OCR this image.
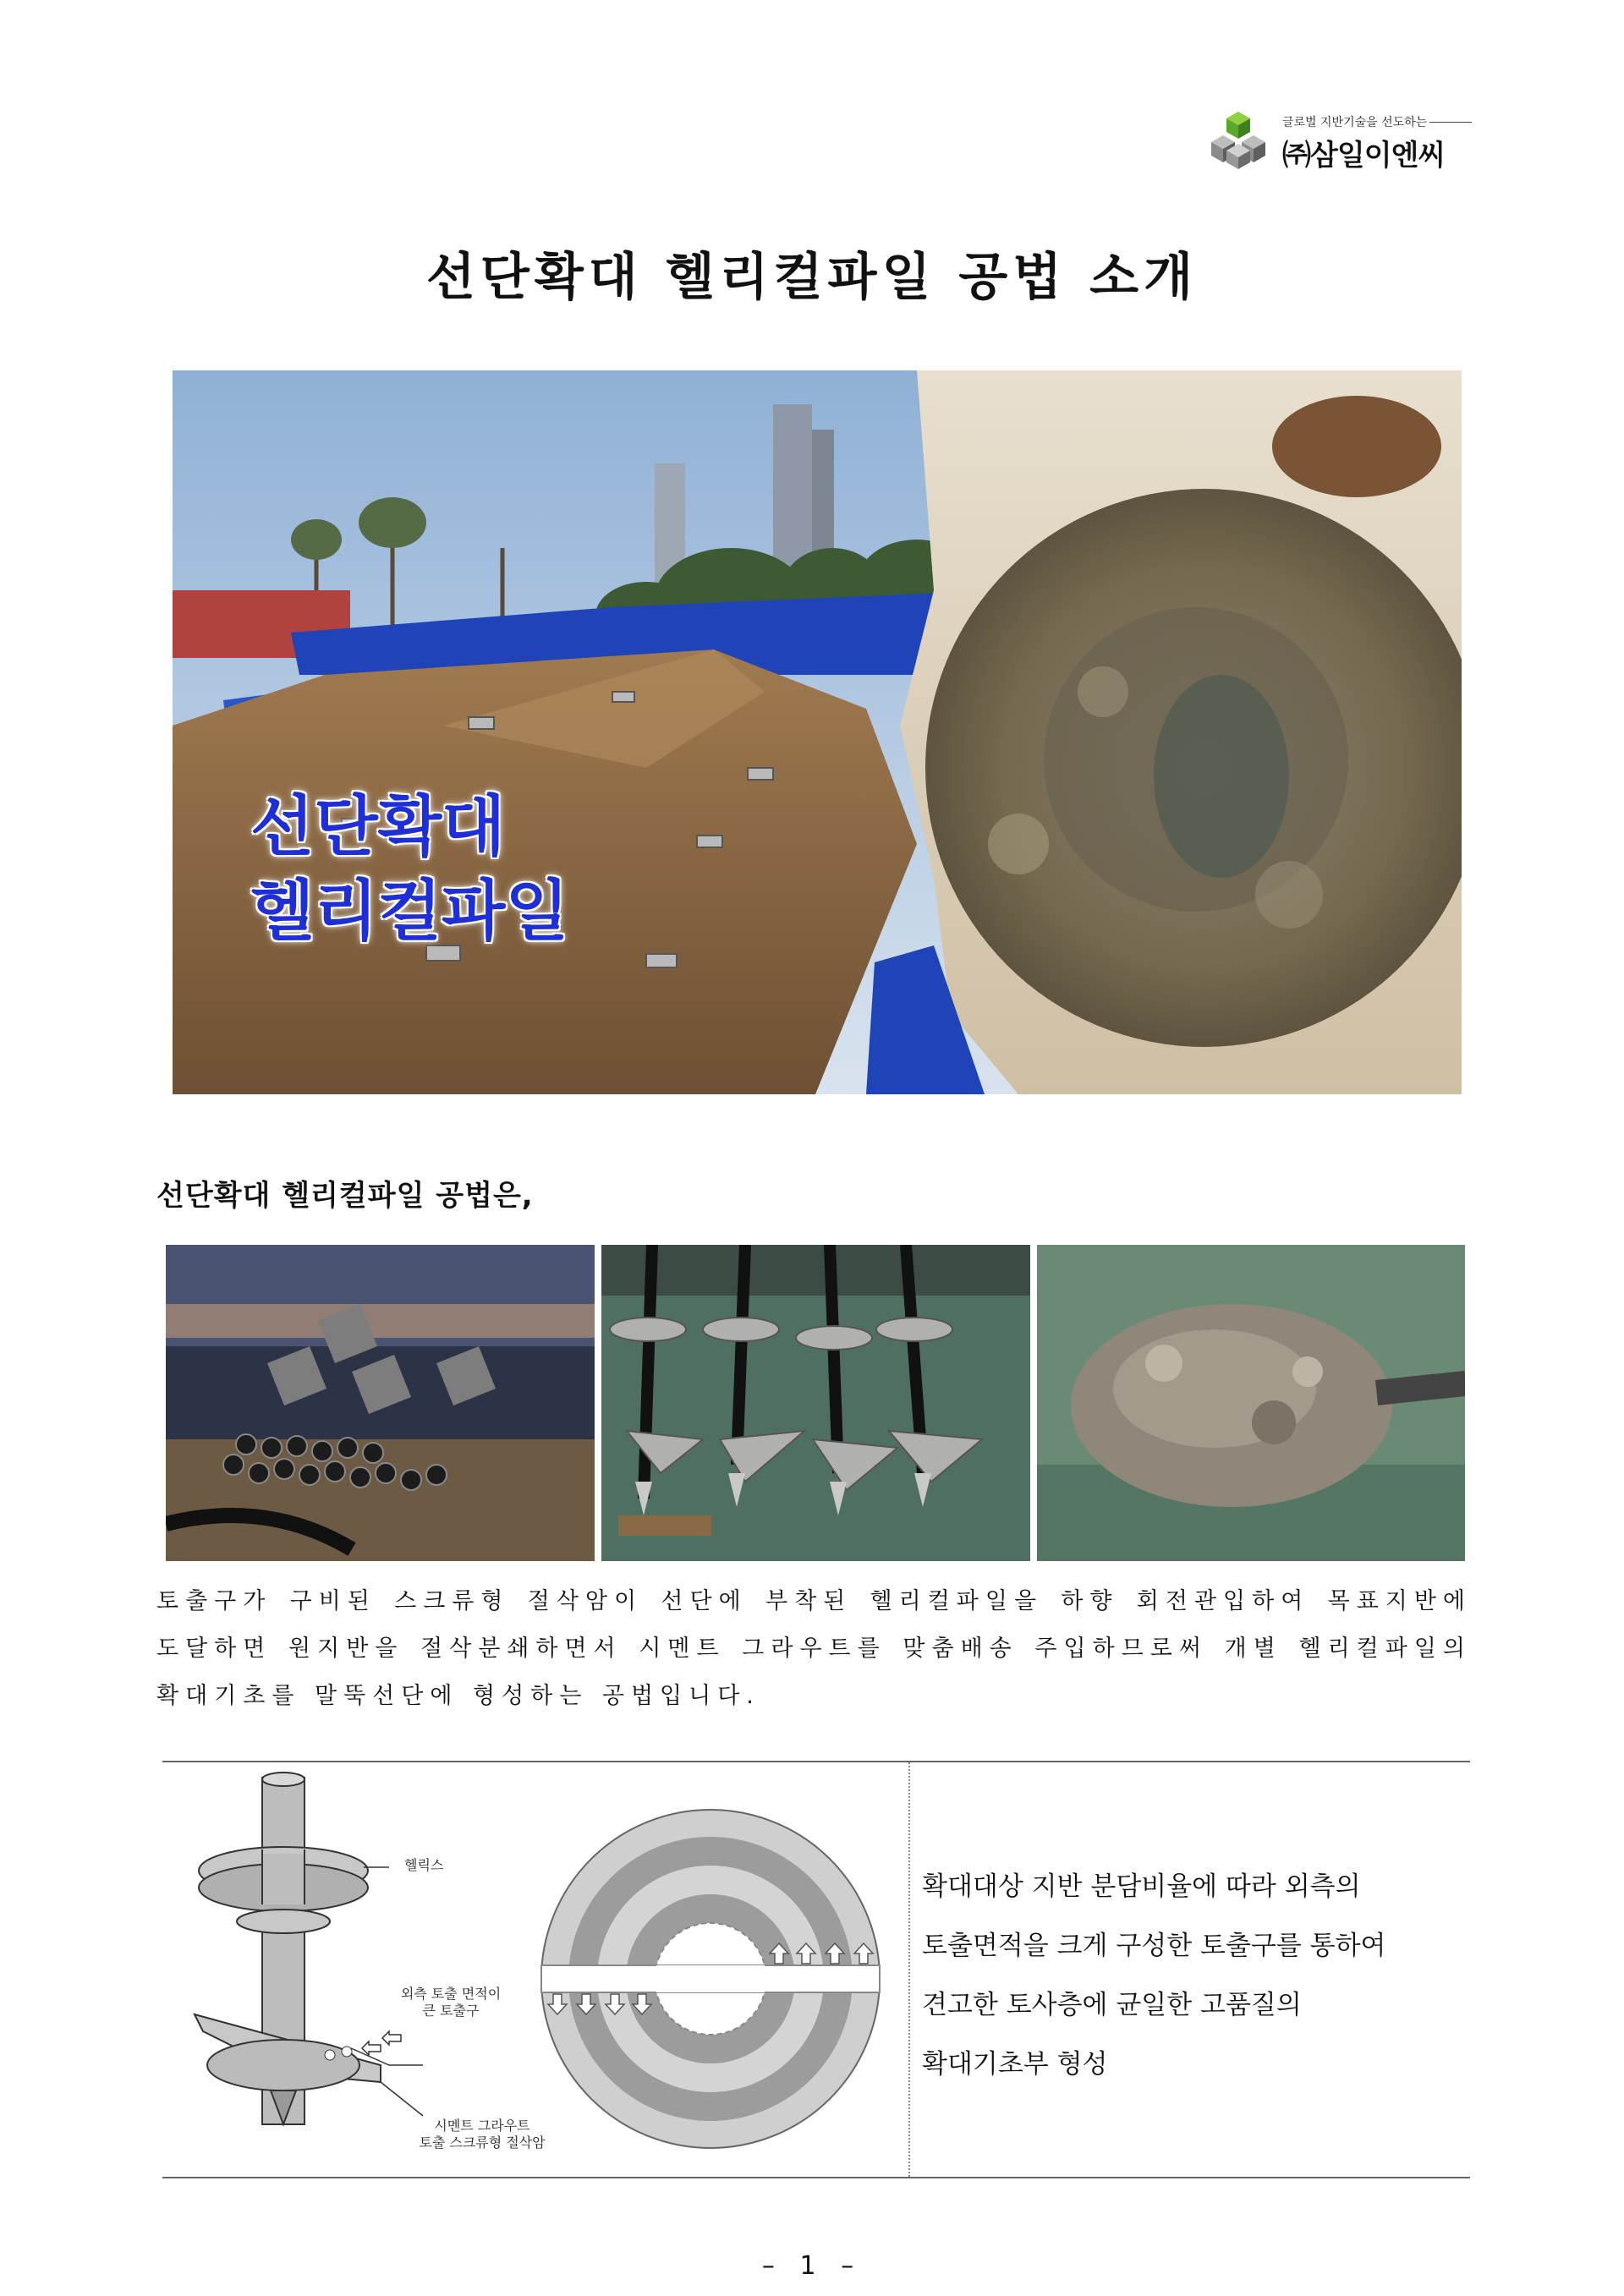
글로벌 지반기술을 선도하는
㈜삼일이엔씨
선단확대 헬리컬파일 공법 소개
선단확대
헬리컬파일
선단확대 헬리컬파일 공법은,

토출구가 구비된 스크류형 절삭암이 선단에 부착된 헬리컬파일을 하향 회전관입하여 목표지반에 도달하면 원지반을 절삭분쇄하면서 시멘트 그라우트를 맞춤배송 주입하므로써 개별 헬리컬파일의 확대기초를 말뚝선단에 형성하는 공법입니다.

헬릭스
외측 토출 면적이
큰 토출구
시멘트 그라우트
토출 스크류형 절삭암
확대대상 지반 분담비율에 따라 외측의
토출면적을 크게 구성한 토출구를 통하여
견고한 토사층에 균일한 고품질의
확대기초부 형성
– 1 –
